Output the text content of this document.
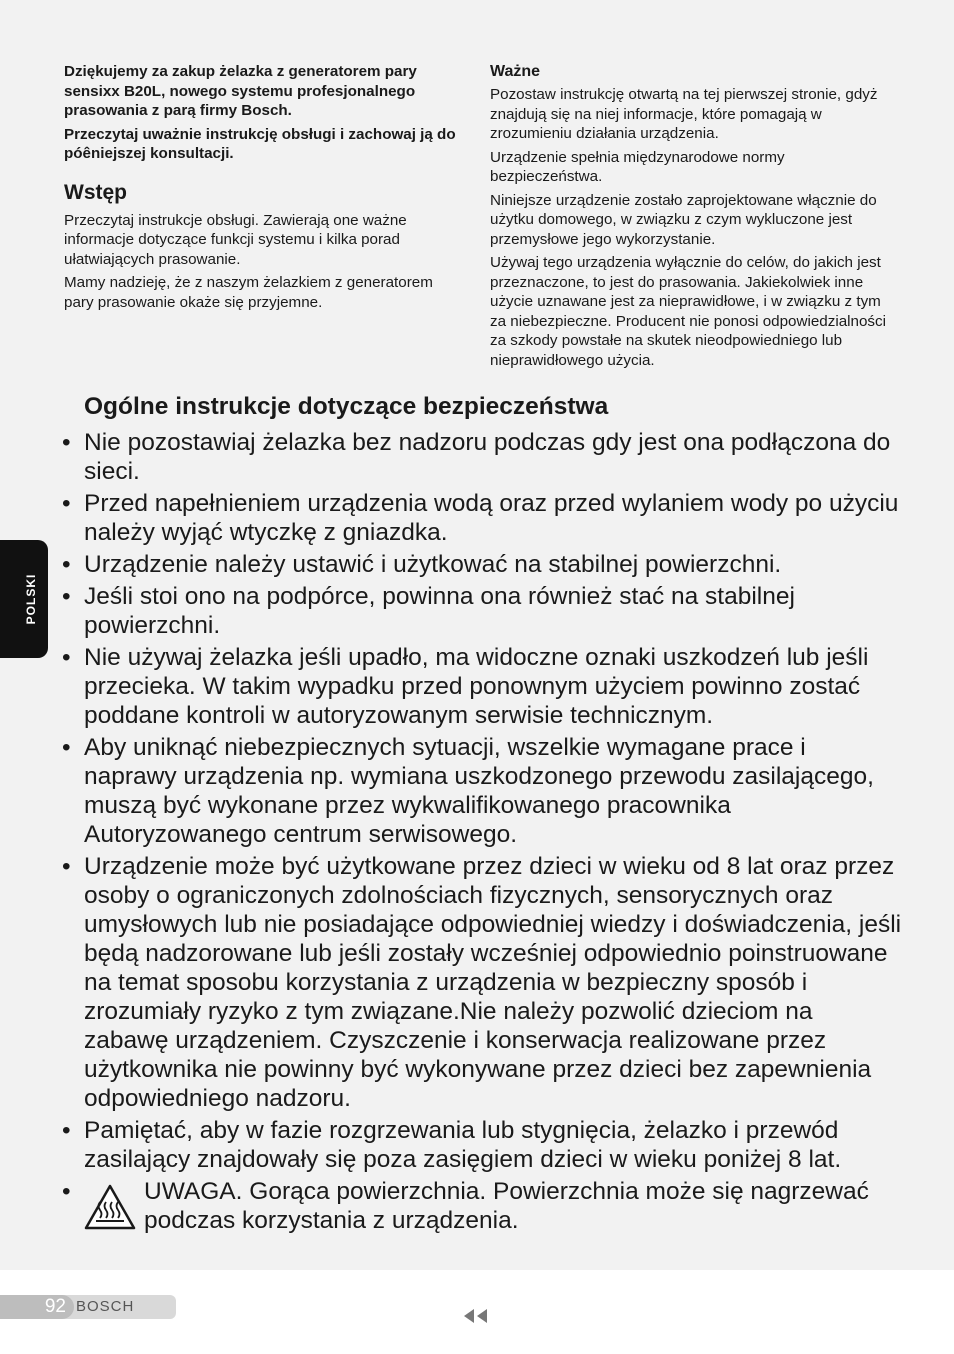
POLSKI

Dziękujemy za zakup żelazka z generatorem pary sensixx B20L, nowego systemu profesjonalnego prasowania z parą firmy Bosch.

Przeczytaj uważnie instrukcję obsługi i zachowaj ją do póêniejszej konsultacji.

Wstęp

Przeczytaj instrukcje obsługi. Zawierają one ważne informacje dotyczące funkcji systemu i kilka porad ułatwiających prasowanie.

Mamy nadzieję, że z naszym żelazkiem z generatorem pary prasowanie okaże się przyjemne.

Ważne

Pozostaw instrukcję otwartą na tej pierwszej stronie, gdyż znajdują się na niej informacje, które pomagają w zrozumieniu działania urządzenia.

Urządzenie spełnia międzynarodowe normy bezpieczeństwa.

Niniejsze urządzenie zostało zaprojektowane włącznie do użytku domowego, w związku z czym wykluczone jest przemysłowe jego wykorzystanie.

Używaj tego urządzenia wyłącznie do celów, do jakich jest przeznaczone, to jest do prasowania. Jakiekolwiek inne użycie uznawane jest za nieprawidłowe, i w związku z tym za niebezpieczne. Producent nie ponosi odpowiedzialności za szkody powstałe na skutek nieodpowiedniego lub nieprawidłowego użycia.

Ogólne instrukcje dotyczące bezpieczeństwa
• Nie pozostawiaj żelazka bez nadzoru podczas gdy jest ona podłączona do sieci.
• Przed napełnieniem urządzenia wodą oraz przed wylaniem wody po użyciu należy wyjąć wtyczkę z gniazdka.
• Urządzenie należy ustawić i użytkować na stabilnej powierzchni.
• Jeśli stoi ono na podpórce, powinna ona również stać na stabilnej powierzchni.
• Nie używaj żelazka jeśli upadło, ma widoczne oznaki uszkodzeń lub jeśli przecieka. W takim wypadku przed ponownym użyciem powinno zostać poddane kontroli w autoryzowanym serwisie technicznym.
• Aby uniknąć niebezpiecznych sytuacji, wszelkie wymagane prace i naprawy urządzenia np. wymiana uszkodzonego przewodu zasilającego, muszą być wykonane przez wykwalifikowanego pracownika Autoryzowanego centrum serwisowego.
• Urządzenie może być użytkowane przez dzieci w wieku od 8 lat oraz przez osoby o ograniczonych zdolnościach fizycznych, sensorycznych oraz umysłowych lub nie posiadające odpowiedniej wiedzy i doświadczenia, jeśli będą nadzorowane lub jeśli zostały wcześniej odpowiednio poinstruowane na temat sposobu korzystania z urządzenia w bezpieczny sposób i zrozumiały ryzyko z tym związane.Nie należy pozwolić dzieciom na zabawę urządzeniem. Czyszczenie i konserwacja realizowane przez użytkownika nie powinny być wykonywane przez dzieci bez zapewnienia odpowiedniego nadzoru.
• Pamiętać, aby w fazie rozgrzewania lub stygnięcia, żelazko i przewód zasilający znajdowały się poza zasięgiem dzieci w wieku poniżej 8 lat.
•	UWAGA. Gorąca powierzchnia. Powierzchnia może się nagrzewać podczas korzystania z urządzenia.
92 BOSCH
